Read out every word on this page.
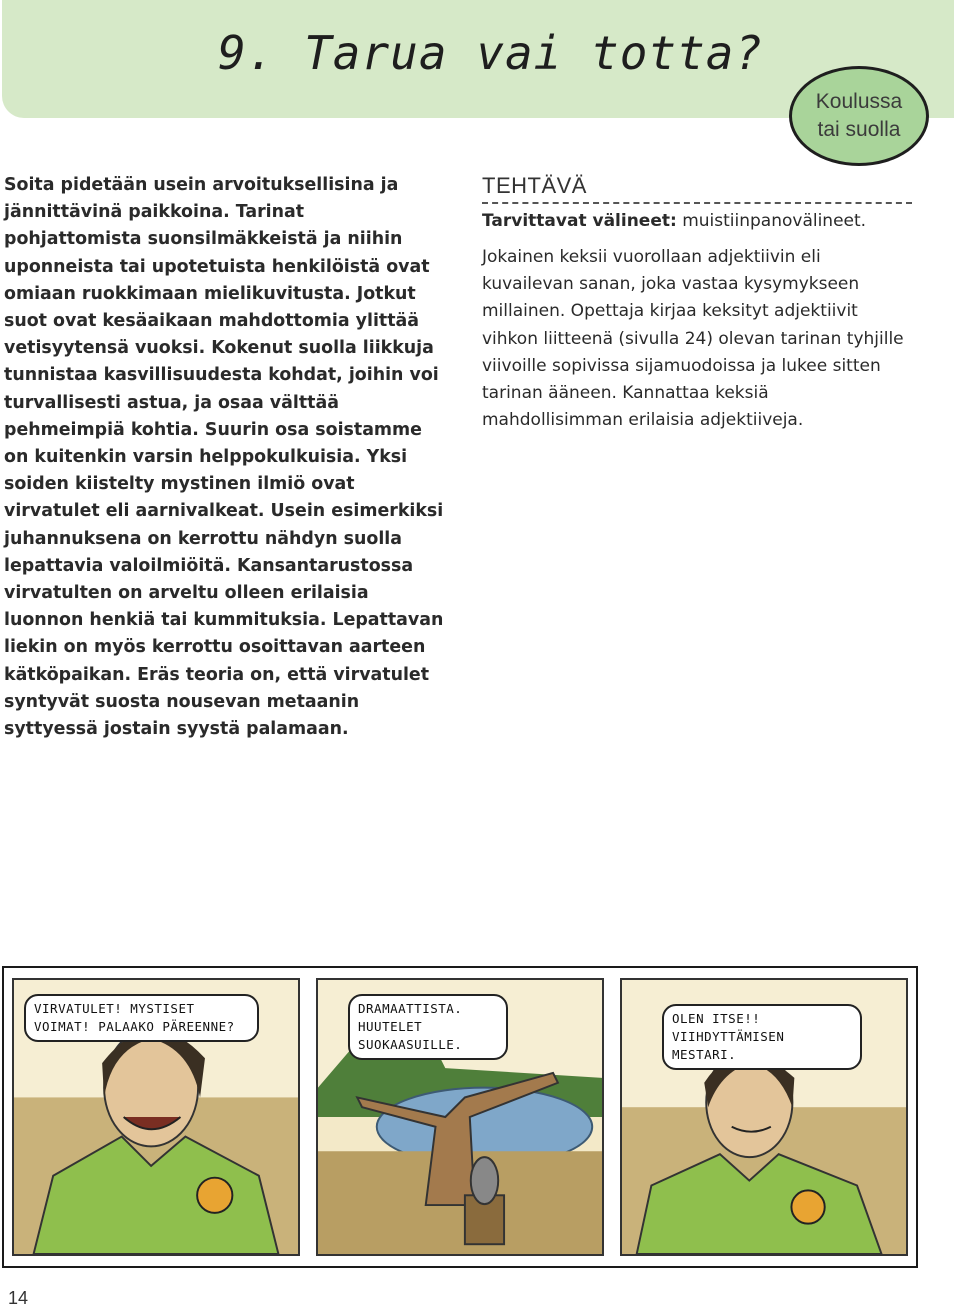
9. Tarua vai totta?
Koulussa
tai suolla

Soita pidetään usein arvoituksellisina ja jännittävinä paikkoina. Tarinat pohjattomista suonsilmäkkeistä ja niihin uponneista tai upotetuista henkilöistä ovat omiaan ruokkimaan mielikuvitusta. Jotkut suot ovat kesäaikaan mahdottomia ylittää vetisyytensä vuoksi. Kokenut suolla liikkuja tunnistaa kasvillisuudesta kohdat, joihin voi turvallisesti astua, ja osaa välttää pehmeimpiä kohtia. Suurin osa soistamme on kuitenkin varsin helppokulkuisia. Yksi soiden kiistelty mystinen ilmiö ovat virvatulet eli aarnivalkeat. Usein esimerkiksi juhannuksena on kerrottu nähdyn suolla lepattavia valoilmiöitä. Kansantarustossa virvatulten on arveltu olleen erilaisia luonnon henkiä tai kummituksia. Lepattavan liekin on myös kerrottu osoittavan aarteen kätköpaikan. Eräs teoria on, että virvatulet syntyvät suosta nousevan metaanin syttyessä jostain syystä palamaan.

TEHTÄVÄ
Tarvittavat välineet: muistiinpanovälineet.

Jokainen keksii vuorollaan adjektiivin eli kuvailevan sanan, joka vastaa kysymykseen millainen. Opettaja kirjaa keksityt adjektiivit vihkon liitteenä (sivulla 24) olevan tarinan tyhjille viivoille sopivissa sijamuodoissa ja lukee sitten tarinan ääneen. Kannattaa keksiä mahdollisimman erilaisia adjektiiveja.

VIRVATULET! MYSTISET VOIMAT! PALAAKO PÄREENNE?
DRAMAATTISTA. HUUTELET SUOKAASUILLE.
OLEN ITSE!! VIIHDYTTÄMISEN MESTARI.
14
